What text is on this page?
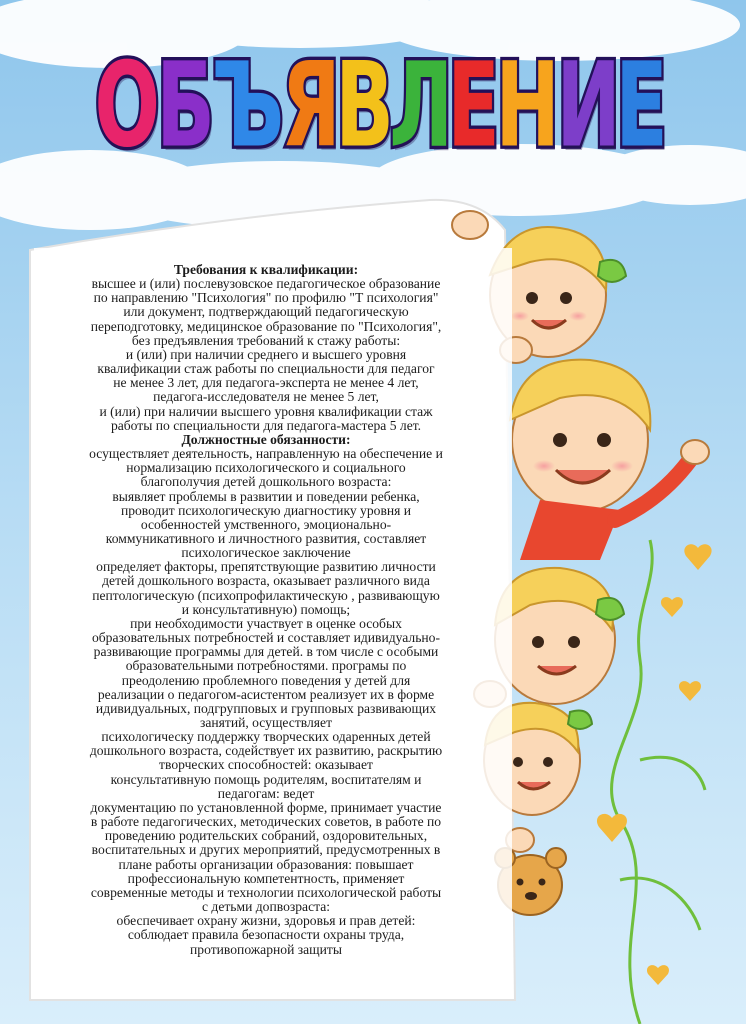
О
Б
Ъ
Я
В
Л
Е
Н
И
Е
Требования к квалификации:
высшее и (или) послевузовское педагогическое образование
по направлению "Психология" по профилю "Т психология"
или документ, подтверждающий педагогическую
переподготовку, медицинское образование по "Психология",
без предъявления требований к стажу работы:
и (или) при наличии среднего и высшего уровня
квалификации стаж работы по специальности для педагог
не менее 3 лет, для педагога-эксперта не менее 4 лет,
педагога-исследователя не менее 5 лет,
и (или) при наличии высшего уровня квалификации стаж
работы по специальности для педагога-мастера 5 лет.
Должностные обязанности:
осуществляет деятельность, направленную на обеспечение и
нормализацию психологического и социального
благополучия детей дошкольного возраста:
выявляет проблемы в развитии и поведении ребенка,
проводит психологическую диагностику уровня и
особенностей умственного, эмоционально-
коммуникативного и личностного развития, составляет
психологическое заключение
определяет факторы, препятствующие развитию личности
детей дошкольного возраста, оказывает различного вида
пептологическую (психопрофилактическую , развивающую
и консультативную) помощь;
при необходимости участвует в оценке особых
образовательных потребностей и составляет идивидуально-
развивающие программы для детей. в том числе с особыми
образовательными потребностями. програмы по
преодолению проблемного поведения у детей для
реализации о педагогом-асистентом реализует их в форме
идивидуальных, подгрупповых и групповых развивающих
занятий, осуществляет
психологическу поддержку творческих одаренных детей
дошкольного возраста, содействует их развитию, раскрытию
творческих способностей: оказывает
консультативную помощь родителям, воспитателям и
педагогам: ведет
документацию по установленной форме, принимает участие
в работе педагогических, методических советов, в работе по
проведению родительских собраний, оздоровительных,
воспитательных и других мероприятий, предусмотренных в
плане работы организации образования: повышает
профессиональную компетентность, применяет
современные методы и технологии психологической работы
с детьми допвозраста:
обеспечивает охрану жизни, здоровья и прав детей:
соблюдает правила безопасности охраны труда,
противопожарной защиты
